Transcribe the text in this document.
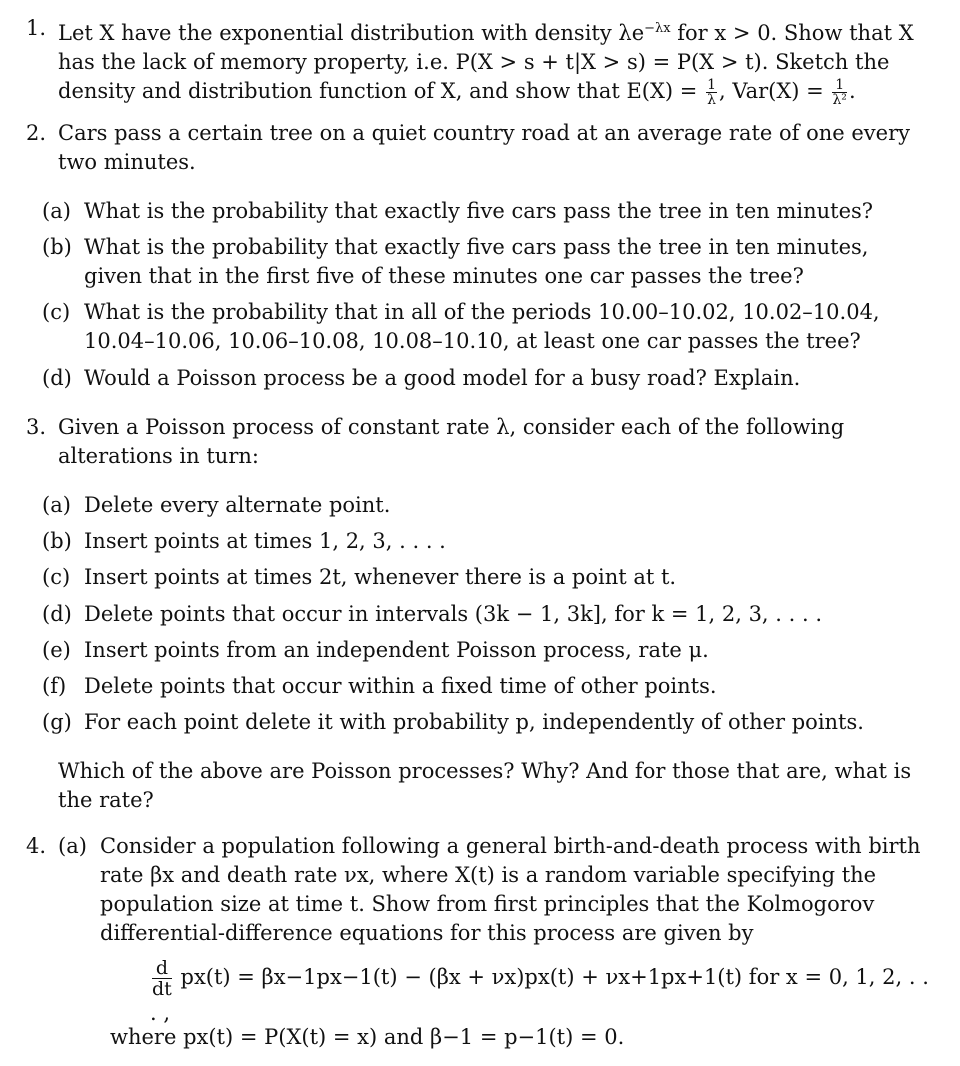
1. Let X have the exponential distribution with density $\lambda e^{-\lambda x}$ for x > 0. Show that X has the lack of memory property, i.e. P(X > s + t|X > s) = P(X > t). Sketch the density and distribution function of X, and show that $E(X) = \frac{1}{\lambda}$ , $Var(X) = \frac{1}{\text{λ²}}$ .
2. Cars pass a certain tree on a quiet country road at an average rate of one every two minutes.
(a) What is the probability that exactly five cars pass the tree in ten minutes?
(b) What is the probability that exactly five cars pass the tree in ten minutes, given that in the first five of these minutes one car passes the tree?
(c) What is the probability that in all of the periods 10.00–10.02, 10.02–10.04, 10.04–10.06, 10.06–10.08, 10.08–10.10, at least one car passes the tree?
(d) Would a Poisson process be a good model for a busy road? Explain.
3. Given a Poisson process of constant rate λ, consider each of the following alterations in turn:
(a) Delete every alternate point.
(b) Insert points at times 1, 2, 3, . . . .
(c) Insert points at times 2t, whenever there is a point at t.
(d) Delete points that occur in intervals (3k − 1, 3k], for k = 1, 2, 3, . . . .
(e) Insert points from an independent Poisson process, rate μ.
(f) Delete points that occur within a fixed time of other points.
(g) For each point delete it with probability p, independently of other points.
Which of the above are Poisson processes? Why? And for those that are, what is the rate?
4. (a) Consider a population following a general birth-and-death process with birth rate βx and death rate νx, where X(t) is a random variable specifying the population size at time t. Show from first principles that the Kolmogorov differential-difference equations for this process are given by
$\frac{d}{dt} px(t) = \beta x-1px-1(t) - (\beta x + \nu x)px(t) + \nu x+1px+1(t)$ for x = 0, 1, 2, . . . ,
where px(t) = P(X(t) = x) and β−1 = p−1(t) = 0.
